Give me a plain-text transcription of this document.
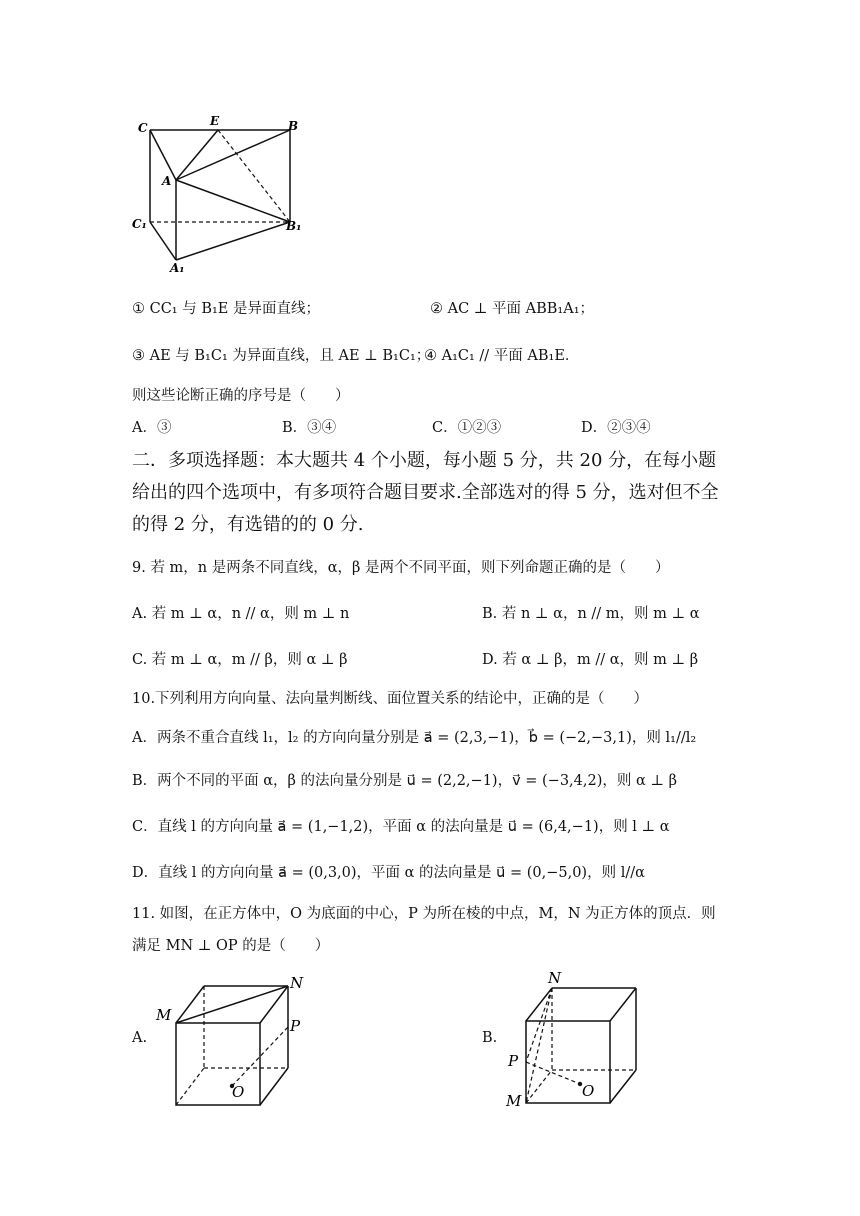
C	E	B
A
C₁	B₁
A₁
① CC₁ 与 B₁E 是异面直线；	② AC ⊥ 平面 ABB₁A₁；
③ AE 与 B₁C₁ 为异面直线，且 AE ⊥ B₁C₁；
④ A₁C₁ // 平面 AB₁E．
则这些论断正确的序号是（　　）
A．③	B．③④	C．①②③	D．②③④
二．多项选择题：本大题共 4 个小题，每小题 5 分，共 20 分，在每小题给出的四个选项中，有多项符合题目要求.全部选对的得 5 分，选对但不全的得 2 分，有选错的的 0 分.
9. 若 m，n 是两条不同直线，α，β 是两个不同平面，则下列命题正确的是（　　）
A. 若 m ⊥ α，n // α，则 m ⊥ n	B. 若 n ⊥ α，n // m，则 m ⊥ α
C. 若 m ⊥ α，m // β，则 α ⊥ β	D. 若 α ⊥ β，m // α，则 m ⊥ β
10.下列利用方向向量、法向量判断线、面位置关系的结论中，正确的是（　　）
A．两条不重合直线 l₁，l₂ 的方向向量分别是 a⃗ = (2,3,−1)，b⃗ = (−2,−3,1)，则 l₁//l₂
B．两个不同的平面 α，β 的法向量分别是 u⃗ = (2,2,−1)，v⃗ = (−3,4,2)，则 α ⊥ β
C．直线 l 的方向向量 a⃗ = (1,−1,2)，平面 α 的法向量是 u⃗ = (6,4,−1)，则 l ⊥ α
D．直线 l 的方向向量 a⃗ = (0,3,0)，平面 α 的法向量是 u⃗ = (0,−5,0)，则 l//α
11. 如图，在正方体中，O 为底面的中心，P 为所在棱的中点，M，N 为正方体的顶点．则
满足 MN ⊥ OP 的是（　　）
A.	B.
M
N
P
O
N
P
M
O
